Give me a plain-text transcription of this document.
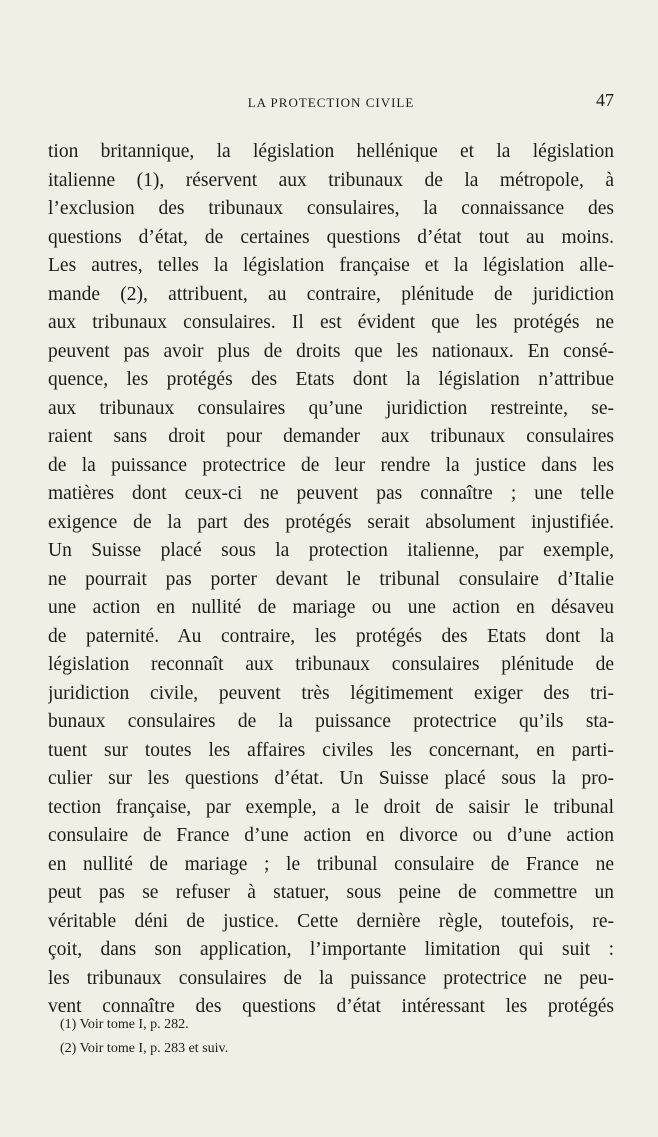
LA PROTECTION CIVILE	47
tion britannique, la législation hellénique et la législation
italienne (1), réservent aux tribunaux de la métropole, à
l’exclusion des tribunaux consulaires, la connaissance des
questions d’état, de certaines questions d’état tout au moins.
Les autres, telles la législation française et la législation alle-
mande (2), attribuent, au contraire, plénitude de juridiction
aux tribunaux consulaires. Il est évident que les protégés ne
peuvent pas avoir plus de droits que les nationaux. En consé-
quence, les protégés des Etats dont la législation n’attribue
aux tribunaux consulaires qu’une juridiction restreinte, se-
raient sans droit pour demander aux tribunaux consulaires
de la puissance protectrice de leur rendre la justice dans les
matières dont ceux-ci ne peuvent pas connaître ; une telle
exigence de la part des protégés serait absolument injustifiée.
Un Suisse placé sous la protection italienne, par exemple,
ne pourrait pas porter devant le tribunal consulaire d’Italie
une action en nullité de mariage ou une action en désaveu
de paternité. Au contraire, les protégés des Etats dont la
législation reconnaît aux tribunaux consulaires plénitude de
juridiction civile, peuvent très légitimement exiger des tri-
bunaux consulaires de la puissance protectrice qu’ils sta-
tuent sur toutes les affaires civiles les concernant, en parti-
culier sur les questions d’état. Un Suisse placé sous la pro-
tection française, par exemple, a le droit de saisir le tribunal
consulaire de France d’une action en divorce ou d’une action
en nullité de mariage ; le tribunal consulaire de France ne
peut pas se refuser à statuer, sous peine de commettre un
véritable déni de justice. Cette dernière règle, toutefois, re-
çoit, dans son application, l’importante limitation qui suit :
les tribunaux consulaires de la puissance protectrice ne peu-
vent connaître des questions d’état intéressant les protégés
(1) Voir tome I, p. 282.
(2) Voir tome I, p. 283 et suiv.
